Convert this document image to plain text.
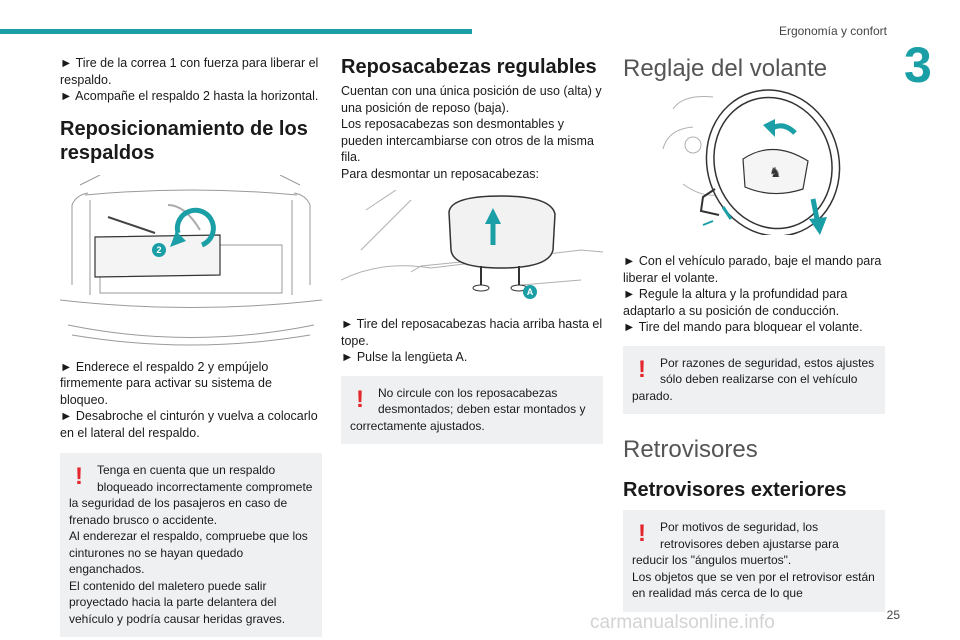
Ergonomía y confort
3

► Tire de la correa 1 con fuerza para liberar el respaldo.

► Acompañe el respaldo 2 hasta la horizontal.

Reposicionamiento de los respaldos
2

► Enderece el respaldo 2 y empújelo firmemente para activar su sistema de bloqueo.

► Desabroche el cinturón y vuelva a colocarlo en el lateral del respaldo.

!	Tenga en cuenta que un respaldo bloqueado incorrectamente compromete la seguridad de los pasajeros en caso de frenado brusco o accidente.

Al enderezar el respaldo, compruebe que los cinturones no se hayan quedado enganchados.

El contenido del maletero puede salir proyectado hacia la parte delantera del vehículo y podría causar heridas graves.

Reposacabezas regulables

Cuentan con una única posición de uso (alta) y una posición de reposo (baja).

Los reposacabezas son desmontables y pueden intercambiarse con otros de la misma fila.

Para desmontar un reposacabezas:

A

► Tire del reposacabezas hacia arriba hasta el tope.

► Pulse la lengüeta A.

!	No circule con los reposacabezas desmontados; deben estar montados y correctamente ajustados.

Reglaje del volante
♞

► Con el vehículo parado, baje el mando para liberar el volante.

► Regule la altura y la profundidad para adaptarlo a su posición de conducción.

► Tire del mando para bloquear el volante.

!	Por razones de seguridad, estos ajustes sólo deben realizarse con el vehículo parado.

Retrovisores
Retrovisores exteriores
!	Por motivos de seguridad, los retrovisores deben ajustarse para reducir los "ángulos muertos".

Los objetos que se ven por el retrovisor están en realidad más cerca de lo que

carmanualsonline.info	25
